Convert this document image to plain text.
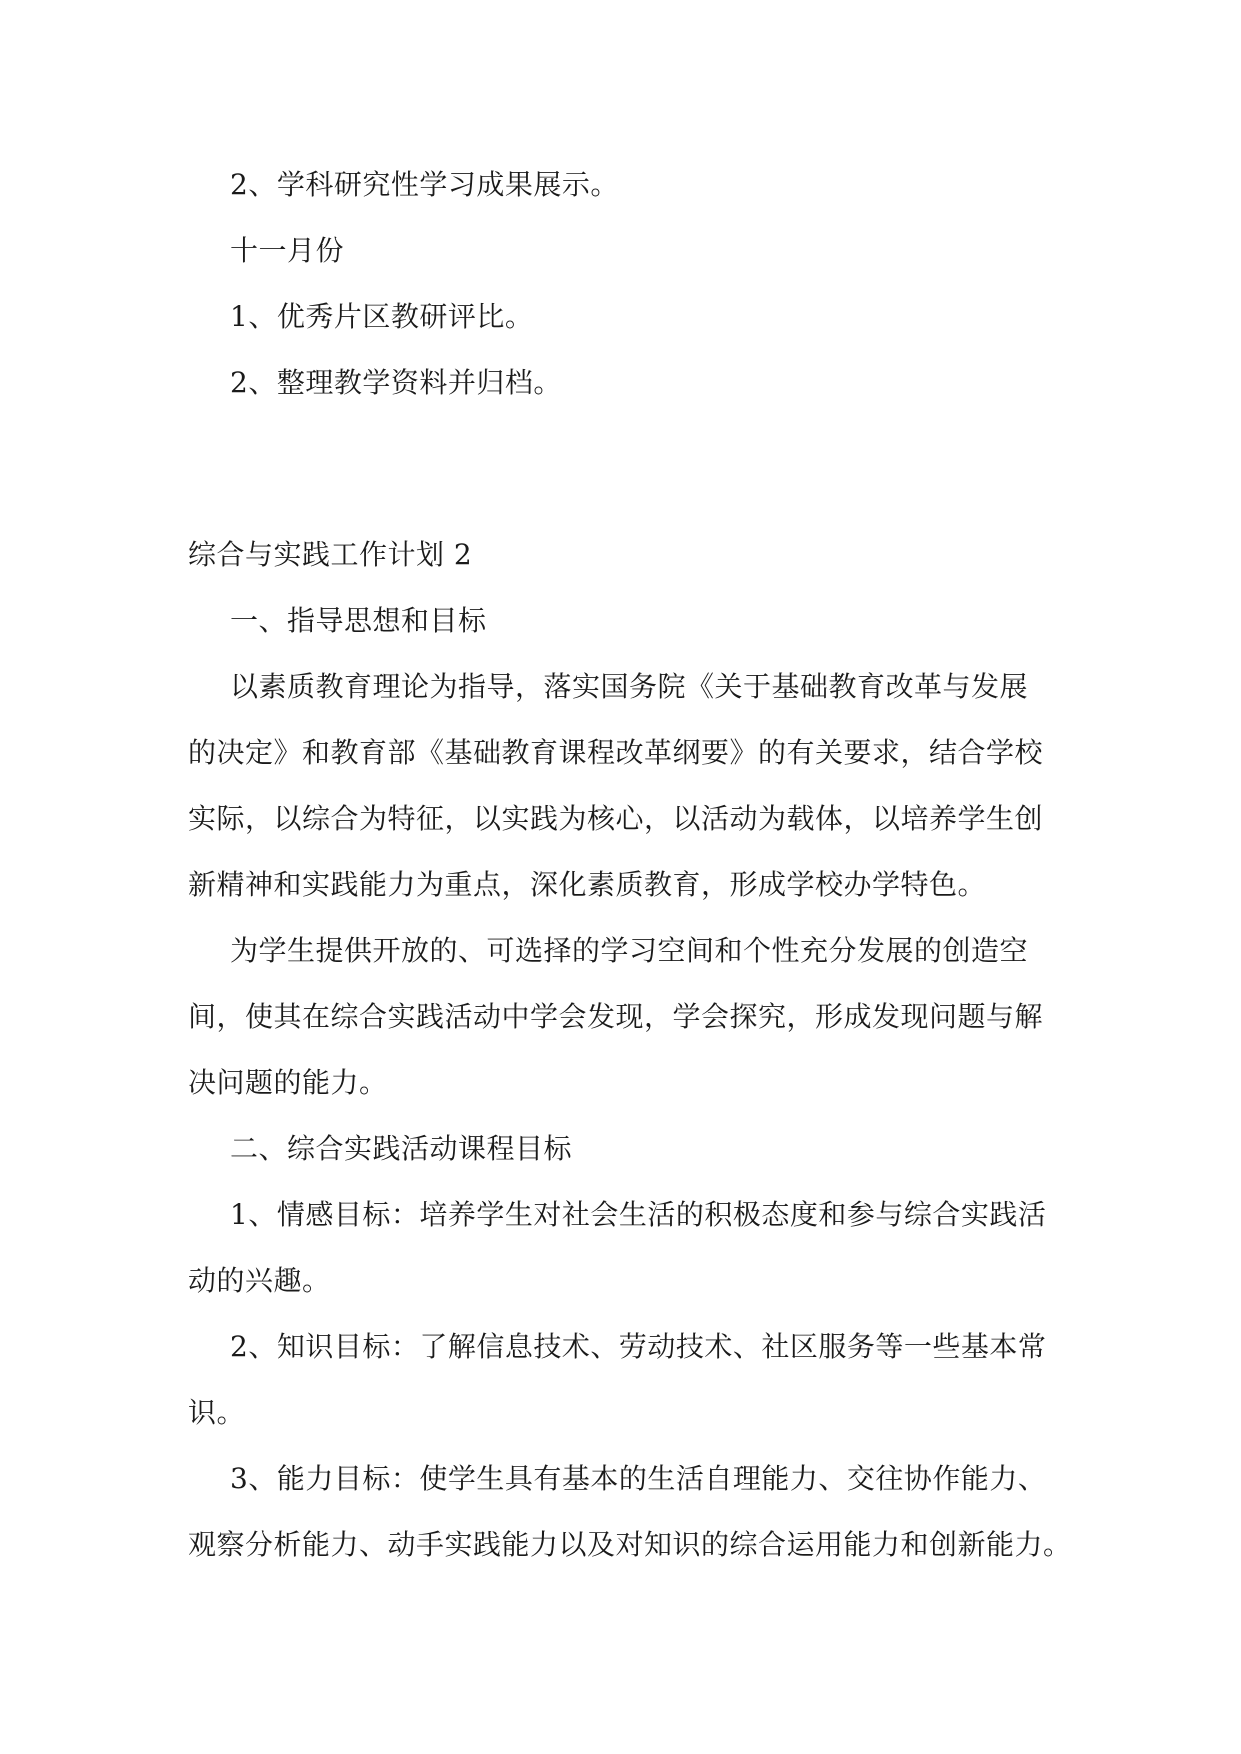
2、学科研究性学习成果展示。

十一月份

1、优秀片区教研评比。

2、整理教学资料并归档。

综合与实践工作计划 2

一、指导思想和目标

以素质教育理论为指导，落实国务院《关于基础教育改革与发展

的决定》和教育部《基础教育课程改革纲要》的有关要求，结合学校

实际，以综合为特征，以实践为核心，以活动为载体，以培养学生创

新精神和实践能力为重点，深化素质教育，形成学校办学特色。

为学生提供开放的、可选择的学习空间和个性充分发展的创造空

间，使其在综合实践活动中学会发现，学会探究，形成发现问题与解

决问题的能力。

二、综合实践活动课程目标

1、情感目标：培养学生对社会生活的积极态度和参与综合实践活

动的兴趣。

2、知识目标：了解信息技术、劳动技术、社区服务等一些基本常

识。

3、能力目标：使学生具有基本的生活自理能力、交往协作能力、

观察分析能力、动手实践能力以及对知识的综合运用能力和创新能力。
